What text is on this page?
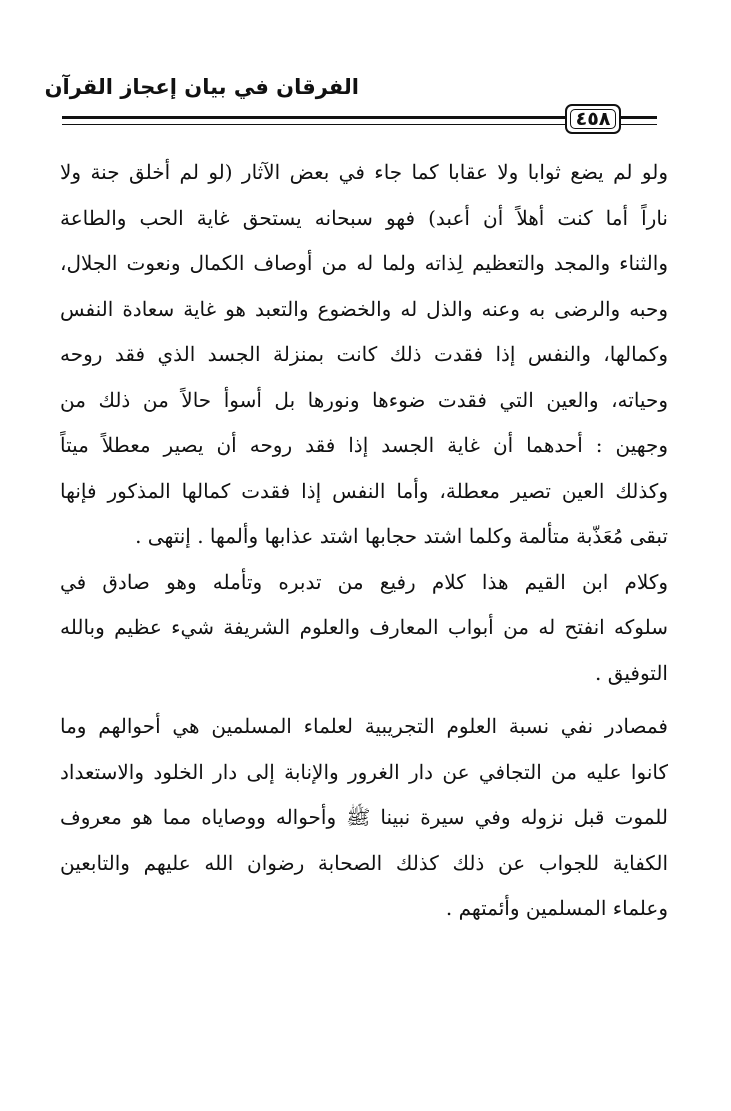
الفرقان في بيان إعجاز القرآن
٤٥٨

ولو لم يضع ثوابا ولا عقابا كما جاء في بعض الآثار (لو لم أخلق جنة ولا
ناراً أما كنت أهلاً أن أعبد) فهو سبحانه يستحق غاية الحب والطاعة
والثناء والمجد والتعظيم لِذاته ولما له من أوصاف الكمال ونعوت الجلال،
وحبه والرضى به وعنه والذل له والخضوع والتعبد هو غاية سعادة النفس
وكمالها، والنفس إذا فقدت ذلك كانت بمنزلة الجسد الذي فقد روحه
وحياته، والعين التي فقدت ضوءها ونورها بل أسوأ حالاً من ذلك من
وجهين : أحدهما أن غاية الجسد إذا فقد روحه أن يصير معطلاً ميتاً
وكذلك العين تصير معطلة، وأما النفس إذا فقدت كمالها المذكور فإنها
تبقى مُعَذّبة متألمة وكلما اشتد حجابها اشتد عذابها وألمها . إنتهى .

وكلام ابن القيم هذا كلام رفيع من تدبره وتأمله وهو صادق في
سلوكه انفتح له من أبواب المعارف والعلوم الشريفة شيء عظيم وبالله
التوفيق .

فمصادر نفي نسبة العلوم التجريبية لعلماء المسلمين هي أحوالهم وما
كانوا عليه من التجافي عن دار الغرور والإنابة إلى دار الخلود والاستعداد
للموت قبل نزوله وفي سيرة نبينا ﷺ وأحواله ووصاياه مما هو معروف
الكفاية للجواب عن ذلك كذلك الصحابة رضوان الله عليهم والتابعين
وعلماء المسلمين وأئمتهم .
